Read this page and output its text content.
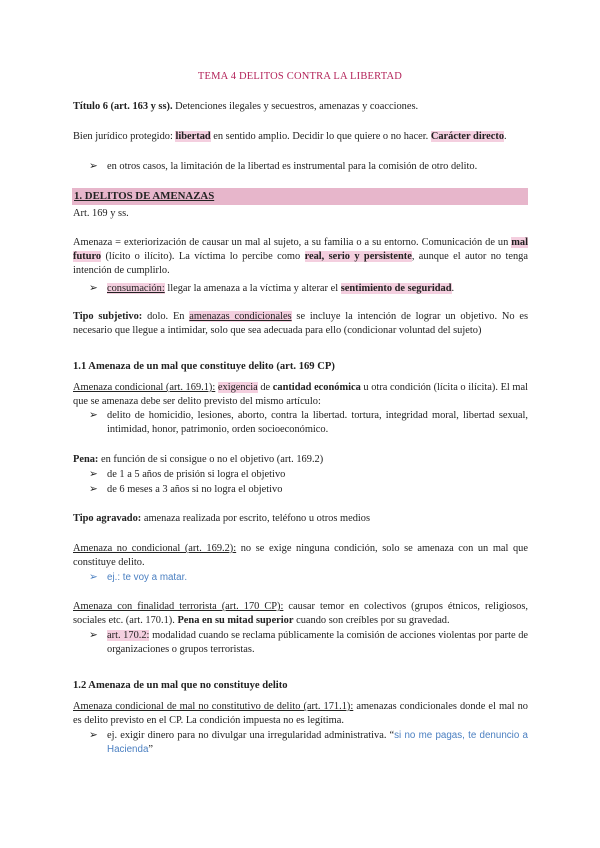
TEMA 4 DELITOS CONTRA LA LIBERTAD
Título 6 (art. 163 y ss). Detenciones ilegales y secuestros, amenazas y coacciones.
Bien jurídico protegido: libertad en sentido amplio. Decidir lo que quiere o no hacer. Carácter directo.
➢ en otros casos, la limitación de la libertad es instrumental para la comisión de otro delito.
1. DELITOS DE AMENAZAS
Art. 169 y ss.
Amenaza = exteriorización de causar un mal al sujeto, a su familia o a su entorno. Comunicación de un mal futuro (lícito o ilícito). La víctima lo percibe como real, serio y persistente, aunque el autor no tenga intención de cumplirlo.
➢ consumación: llegar la amenaza a la víctima y alterar el sentimiento de seguridad.
Tipo subjetivo: dolo. En amenazas condicionales se incluye la intención de lograr un objetivo. No es necesario que llegue a intimidar, solo que sea adecuada para ello (condicionar voluntad del sujeto)
1.1 Amenaza de un mal que constituye delito (art. 169 CP)
Amenaza condicional (art. 169.1): exigencia de cantidad económica u otra condición (lícita o ilícita). El mal que se amenaza debe ser delito previsto del mismo artículo:
➢ delito de homicidio, lesiones, aborto, contra la libertad. tortura, integridad moral, libertad sexual, intimidad, honor, patrimonio, orden socioeconómico.
Pena: en función de si consigue o no el objetivo (art. 169.2)
➢ de 1 a 5 años de prisión si logra el objetivo
➢ de 6 meses a 3 años si no logra el objetivo
Tipo agravado: amenaza realizada por escrito, teléfono u otros medios
Amenaza no condicional (art. 169.2): no se exige ninguna condición, solo se amenaza con un mal que constituye delito.
➢ ej.: te voy a matar.
Amenaza con finalidad terrorista (art. 170 CP): causar temor en colectivos (grupos étnicos, religiosos, sociales etc. (art. 170.1). Pena en su mitad superior cuando son creíbles por su gravedad.
➢ art. 170.2: modalidad cuando se reclama públicamente la comisión de acciones violentas por parte de organizaciones o grupos terroristas.
1.2 Amenaza de un mal que no constituye delito
Amenaza condicional de mal no constitutivo de delito (art. 171.1): amenazas condicionales donde el mal no es delito previsto en el CP. La condición impuesta no es legítima.
➢ ej. exigir dinero para no divulgar una irregularidad administrativa. “si no me pagas, te denuncio a Hacienda”
